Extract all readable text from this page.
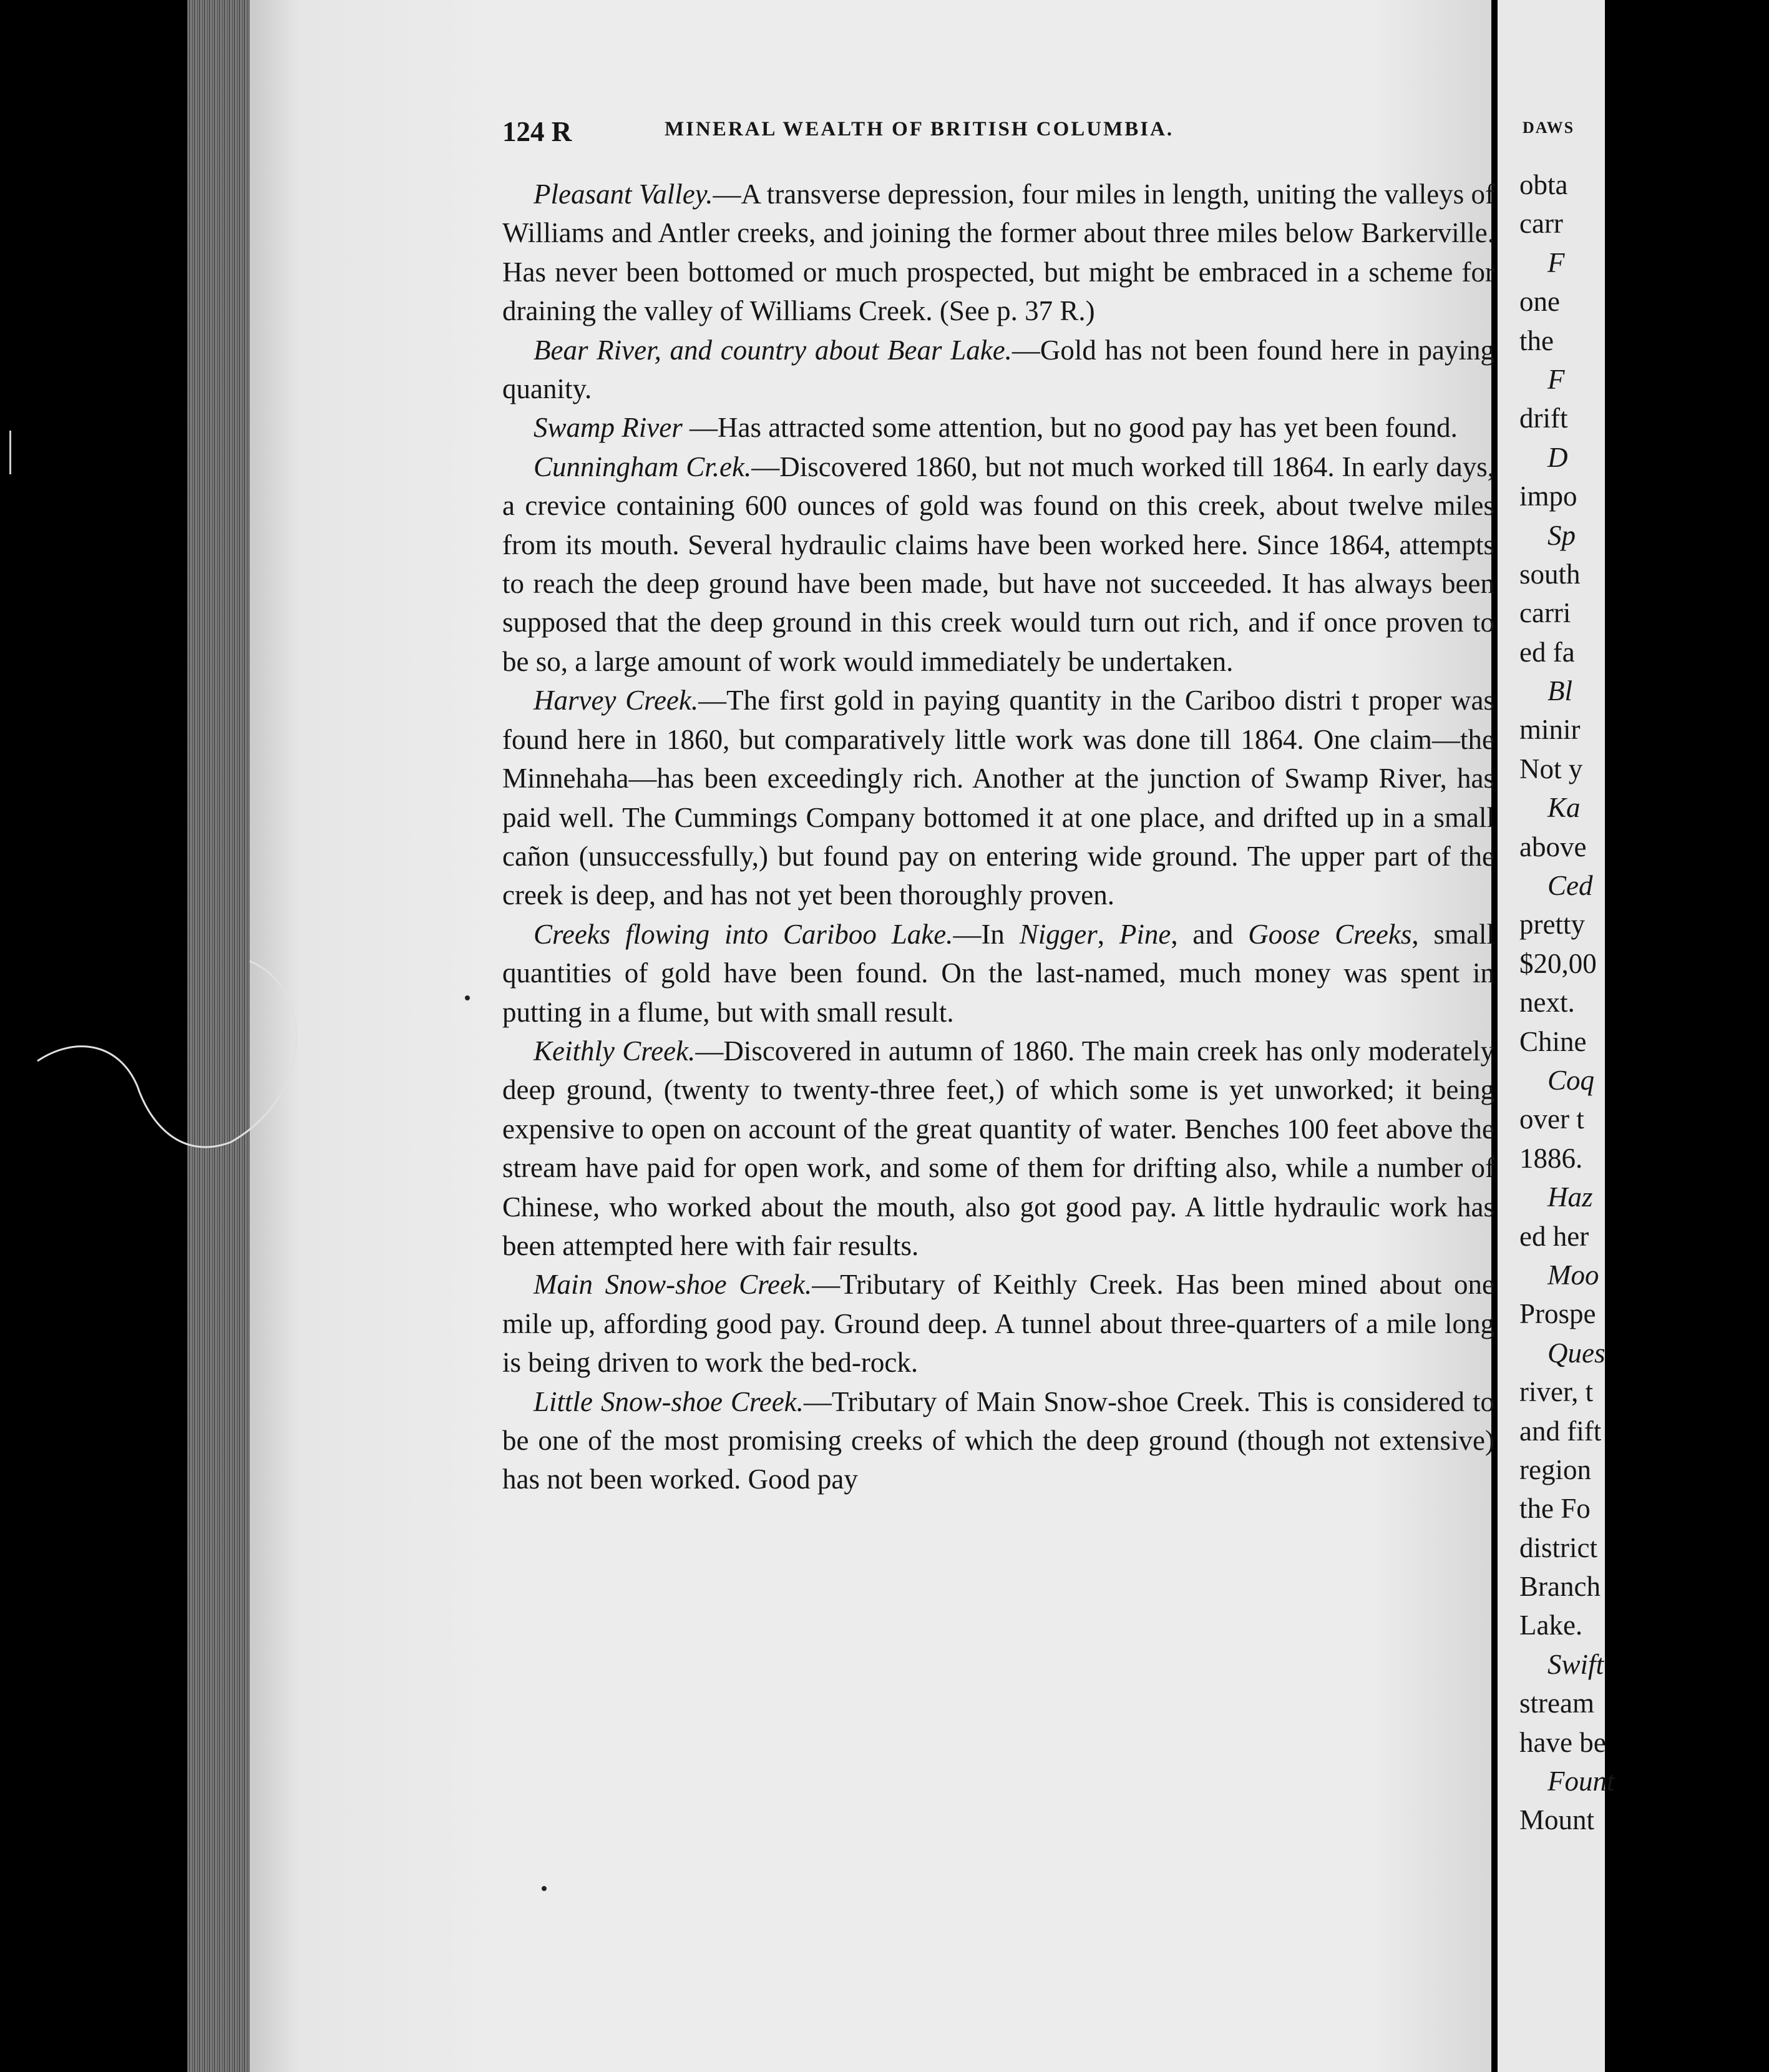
124 R	MINERAL WEALTH OF BRITISH COLUMBIA.

Pleasant Valley.—A transverse depression, four miles in length, uniting the valleys of Williams and Antler creeks, and joining the former about three miles below Barkerville. Has never been bottomed or much prospected, but might be embraced in a scheme for draining the valley of Williams Creek. (See p. 37 R.)

Bear River, and country about Bear Lake.—Gold has not been found here in paying quanity.

Swamp River —Has attracted some attention, but no good pay has yet been found.

Cunningham Cr.ek.—Discovered 1860, but not much worked till 1864. In early days, a crevice containing 600 ounces of gold was found on this creek, about twelve miles from its mouth. Several hydraulic claims have been worked here. Since 1864, attempts to reach the deep ground have been made, but have not succeeded. It has always been supposed that the deep ground in this creek would turn out rich, and if once proven to be so, a large amount of work would immediately be undertaken.

Harvey Creek.—The first gold in paying quantity in the Cariboo distri t proper was found here in 1860, but comparatively little work was done till 1864. One claim—the Minnehaha—has been exceedingly rich. Another at the junction of Swamp River, has paid well. The Cummings Company bottomed it at one place, and drifted up in a small cañon (unsuccessfully,) but found pay on entering wide ground. The upper part of the creek is deep, and has not yet been thoroughly proven.

Creeks flowing into Cariboo Lake.—In Nigger, Pine, and Goose Creeks, small quantities of gold have been found. On the last-named, much money was spent in putting in a flume, but with small result.

Keithly Creek.—Discovered in autumn of 1860. The main creek has only moderately deep ground, (twenty to twenty-three feet,) of which some is yet unworked; it being expensive to open on account of the great quantity of water. Benches 100 feet above the stream have paid for open work, and some of them for drifting also, while a number of Chinese, who worked about the mouth, also got good pay. A little hydraulic work has been attempted here with fair results.

Main Snow-shoe Creek.—Tributary of Keithly Creek. Has been mined about one mile up, affording good pay. Ground deep. A tunnel about three-quarters of a mile long is being driven to work the bed-rock.

Little Snow-shoe Creek.—Tributary of Main Snow-shoe Creek. This is considered to be one of the most promising creeks of which the deep ground (though not extensive) has not been worked. Good pay

DAWS
obta
carr
F
one
the
F
drift
D
impo
Sp
south
carri
ed fa
Bl
minir
Not y
Ka
above
Ced
pretty
$20,00
next.
Chine
Coq
over t
1886.
Haz
ed her
Moo
Prospe
Ques
river, t
and fift
region
the Fo
district
Branch
Lake.
Swift
stream
have be
Fount
Mount
